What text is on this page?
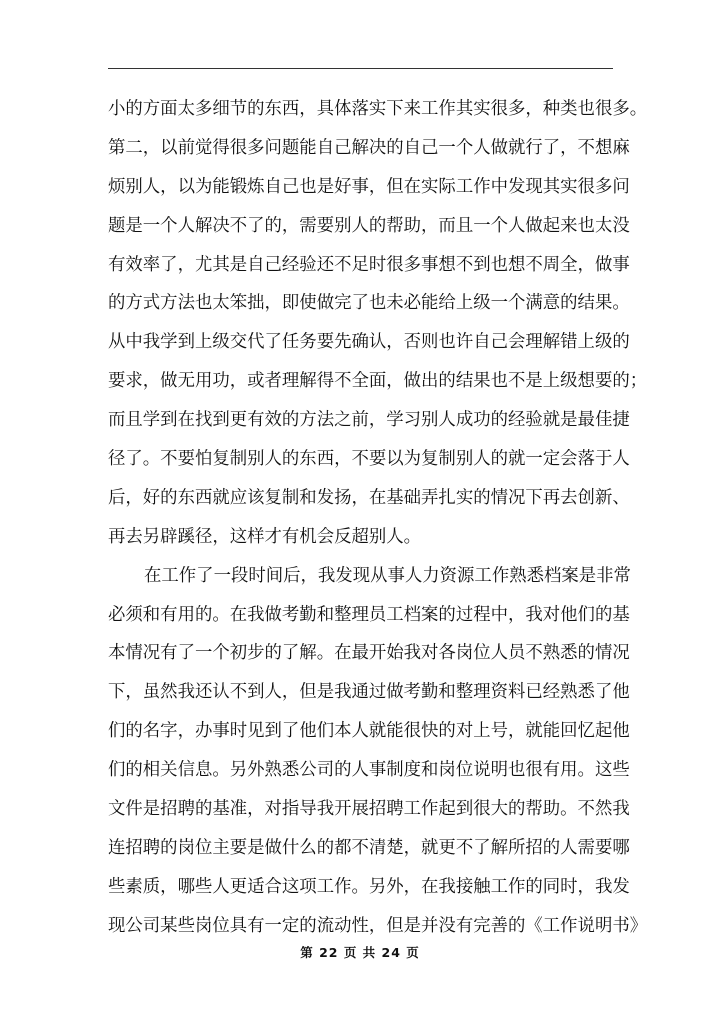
小的方面太多细节的东西，具体落实下来工作其实很多，种类也很多。
第二，以前觉得很多问题能自己解决的自己一个人做就行了，不想麻
烦别人，以为能锻炼自己也是好事，但在实际工作中发现其实很多问
题是一个人解决不了的，需要别人的帮助，而且一个人做起来也太没
有效率了，尤其是自己经验还不足时很多事想不到也想不周全，做事
的方式方法也太笨拙，即使做完了也未必能给上级一个满意的结果。
从中我学到上级交代了任务要先确认，否则也许自己会理解错上级的
要求，做无用功，或者理解得不全面，做出的结果也不是上级想要的；
而且学到在找到更有效的方法之前，学习别人成功的经验就是最佳捷
径了。不要怕复制别人的东西，不要以为复制别人的就一定会落于人
后，好的东西就应该复制和发扬，在基础弄扎实的情况下再去创新、
再去另辟蹊径，这样才有机会反超别人。
在工作了一段时间后，我发现从事人力资源工作熟悉档案是非常
必须和有用的。在我做考勤和整理员工档案的过程中，我对他们的基
本情况有了一个初步的了解。在最开始我对各岗位人员不熟悉的情况
下，虽然我还认不到人，但是我通过做考勤和整理资料已经熟悉了他
们的名字，办事时见到了他们本人就能很快的对上号，就能回忆起他
们的相关信息。另外熟悉公司的人事制度和岗位说明也很有用。这些
文件是招聘的基准，对指导我开展招聘工作起到很大的帮助。不然我
连招聘的岗位主要是做什么的都不清楚，就更不了解所招的人需要哪
些素质，哪些人更适合这项工作。另外，在我接触工作的同时，我发
现公司某些岗位具有一定的流动性，但是并没有完善的《工作说明书》
第 22 页 共 24 页
